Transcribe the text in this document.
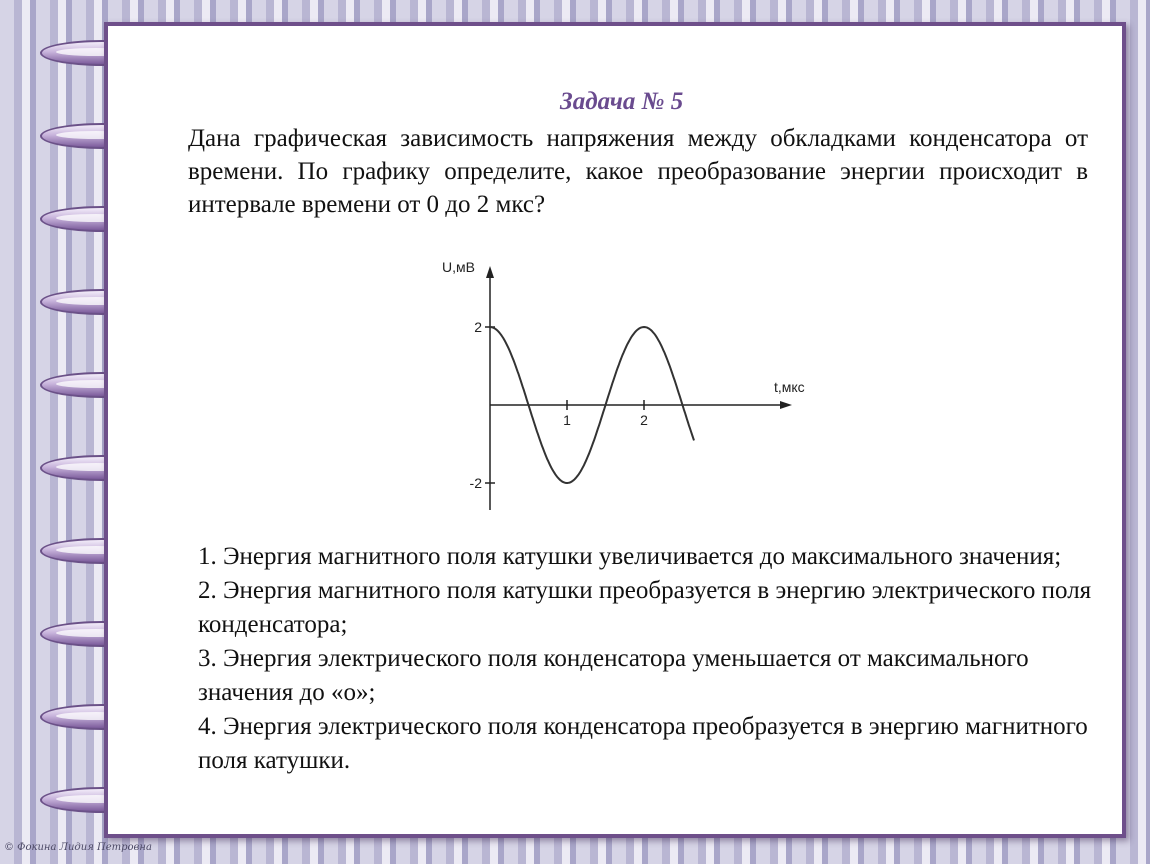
Задача № 5

Дана графическая зависимость напряжения между обкладками конденсатора от времени. По графику определите, какое преобразование энергии происходит в интервале времени от 0 до 2 мкс?

U,мВ
t,мкс
1	2
2
-2

1. Энергия магнитного поля катушки увеличивается до максимального значения;

2. Энергия магнитного поля катушки преобразуется в энергию электрического поля конденсатора;

3. Энергия электрического поля конденсатора уменьшается от максимального значения до «о»;

4. Энергия электрического поля конденсатора преобразуется в энергию магнитного поля катушки.

© Фокина Лидия Петровна
